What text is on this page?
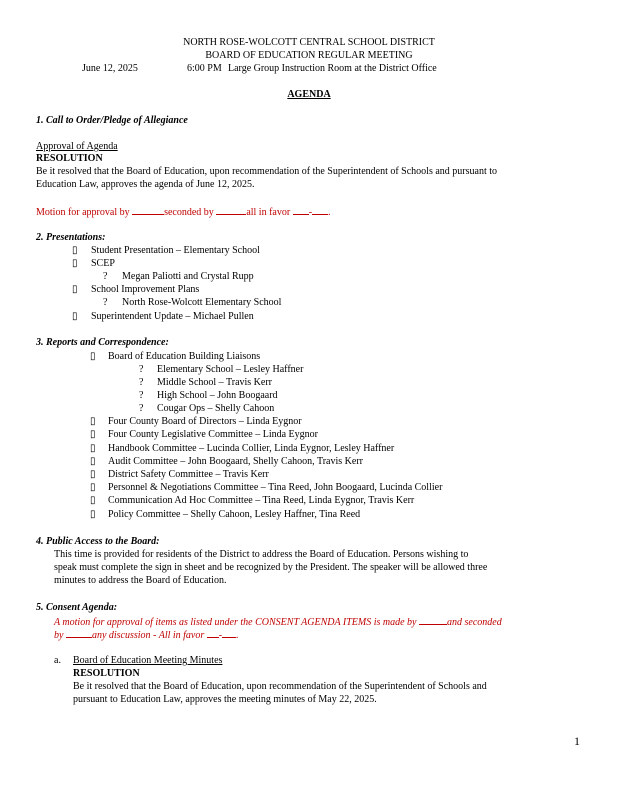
NORTH ROSE-WOLCOTT CENTRAL SCHOOL DISTRICT
BOARD OF EDUCATION REGULAR MEETING
June 12, 2025	6:00 PM Large Group Instruction Room at the District Office
AGENDA
1. Call to Order/Pledge of Allegiance
Approval of Agenda
RESOLUTION
Be it resolved that the Board of Education, upon recommendation of the Superintendent of Schools and pursuant to
Education Law, approves the agenda of June 12, 2025.
Motion for approval by	seconded by	all in favor - .
2. Presentations:
▯	Student Presentation – Elementary School
▯	SCEP
?	Megan Paliotti and Crystal Rupp
▯	School Improvement Plans
?	North Rose-Wolcott Elementary School
▯	Superintendent Update – Michael Pullen
3. Reports and Correspondence:
▯	Board of Education Building Liaisons
?	Elementary School – Lesley Haffner
?	Middle School – Travis Kerr
?	High School – John Boogaard
?	Cougar Ops – Shelly Cahoon
▯	Four County Board of Directors – Linda Eygnor
▯	Four County Legislative Committee – Linda Eygnor
▯	Handbook Committee – Lucinda Collier, Linda Eygnor, Lesley Haffner
▯	Audit Committee – John Boogaard, Shelly Cahoon, Travis Kerr
▯	District Safety Committee – Travis Kerr
▯	Personnel & Negotiations Committee – Tina Reed, John Boogaard, Lucinda Collier
▯	Communication Ad Hoc Committee – Tina Reed, Linda Eygnor, Travis Kerr
▯	Policy Committee – Shelly Cahoon, Lesley Haffner, Tina Reed
4. Public Access to the Board:
This time is provided for residents of the District to address the Board of Education. Persons wishing to
speak must complete the sign in sheet and be recognized by the President. The speaker will be allowed three
minutes to address the Board of Education.
5. Consent Agenda:
A motion for approval of items as listed under the CONSENT AGENDA ITEMS is made by	and seconded
by	any discussion - All in favor - .
a. Board of Education Meeting Minutes
RESOLUTION
Be it resolved that the Board of Education, upon recommendation of the Superintendent of Schools and
pursuant to Education Law, approves the meeting minutes of May 22, 2025.
1
